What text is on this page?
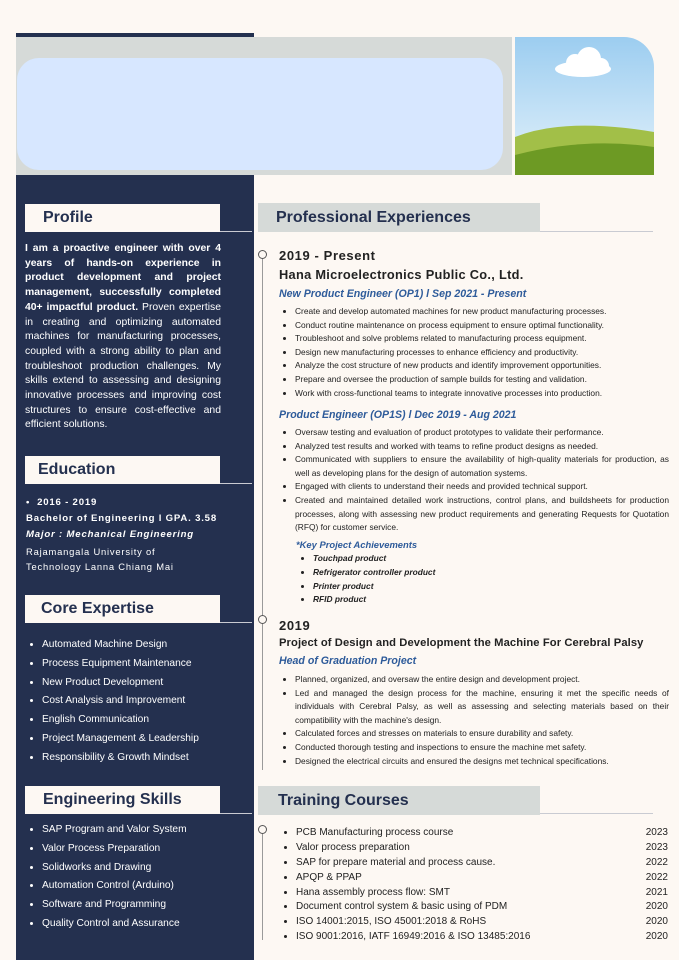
Profile
I am a proactive engineer with over 4 years of hands-on experience in product development and project management, successfully completed 40+ impactful product. Proven expertise in creating and optimizing automated machines for manufacturing processes, coupled with a strong ability to plan and troubleshoot production challenges. My skills extend to assessing and designing innovative processes and improving cost structures to ensure cost-effective and efficient solutions.
Education
•  2016 - 2019
Bachelor of Engineering l GPA. 3.58
Major : Mechanical Engineering
Rajamangala University of
Technology Lanna Chiang Mai
Core Expertise
• Automated Machine Design
• Process Equipment Maintenance
• New Product Development
• Cost Analysis and Improvement
• English Communication
• Project Management & Leadership
• Responsibility & Growth Mindset
Engineering Skills
• SAP Program and Valor System
• Valor Process Preparation
• Solidworks and Drawing
• Automation Control (Arduino)
• Software and Programming
• Quality Control and Assurance
Professional Experiences
2019 - Present
Hana Microelectronics Public Co., Ltd.
New Product Engineer (OP1) l Sep 2021 - Present
• Create and develop automated machines for new product manufacturing processes.
• Conduct routine maintenance on process equipment to ensure optimal functionality.
• Troubleshoot and solve problems related to manufacturing process equipment.
• Design new manufacturing processes to enhance efficiency and productivity.
• Analyze the cost structure of new products and identify improvement opportunities.
• Prepare and oversee the production of sample builds for testing and validation.
• Work with cross-functional teams to integrate innovative processes into production.
Product Engineer (OP1S) l Dec 2019 - Aug 2021
• Oversaw testing and evaluation of product prototypes to validate their performance.
• Analyzed test results and worked with teams to refine product designs as needed.
• Communicated with suppliers to ensure the availability of high-quality materials for production, as well as developing plans for the design of automation systems.
• Engaged with clients to understand their needs and provided technical support.
• Created and maintained detailed work instructions, control plans, and buildsheets for production processes, along with assessing new product requirements and generating Requests for Quotation (RFQ) for customer service.
*Key Project Achievements
• Touchpad product
• Refrigerator controller product
• Printer product
• RFID product
2019
Project of Design and Development the Machine For Cerebral Palsy
Head of Graduation Project
• Planned, organized, and oversaw the entire design and development project.
• Led and managed the design process for the machine, ensuring it met the specific needs of individuals with Cerebral Palsy, as well as assessing and selecting materials based on their compatibility with the machine's design.
• Calculated forces and stresses on materials to ensure durability and safety.
• Conducted thorough testing and inspections to ensure the machine met safety.
• Designed the electrical circuits and ensured the designs met technical specifications.
Training Courses
• PCB Manufacturing process course	2023
• Valor process preparation	2023
• SAP for prepare material and process cause.	2022
• APQP & PPAP	2022
• Hana assembly process flow: SMT	2021
• Document control system & basic using of PDM	2020
• ISO 14001:2015, ISO 45001:2018 & RoHS	2020
• ISO 9001:2016, IATF 16949:2016 & ISO 13485:2016	2020
